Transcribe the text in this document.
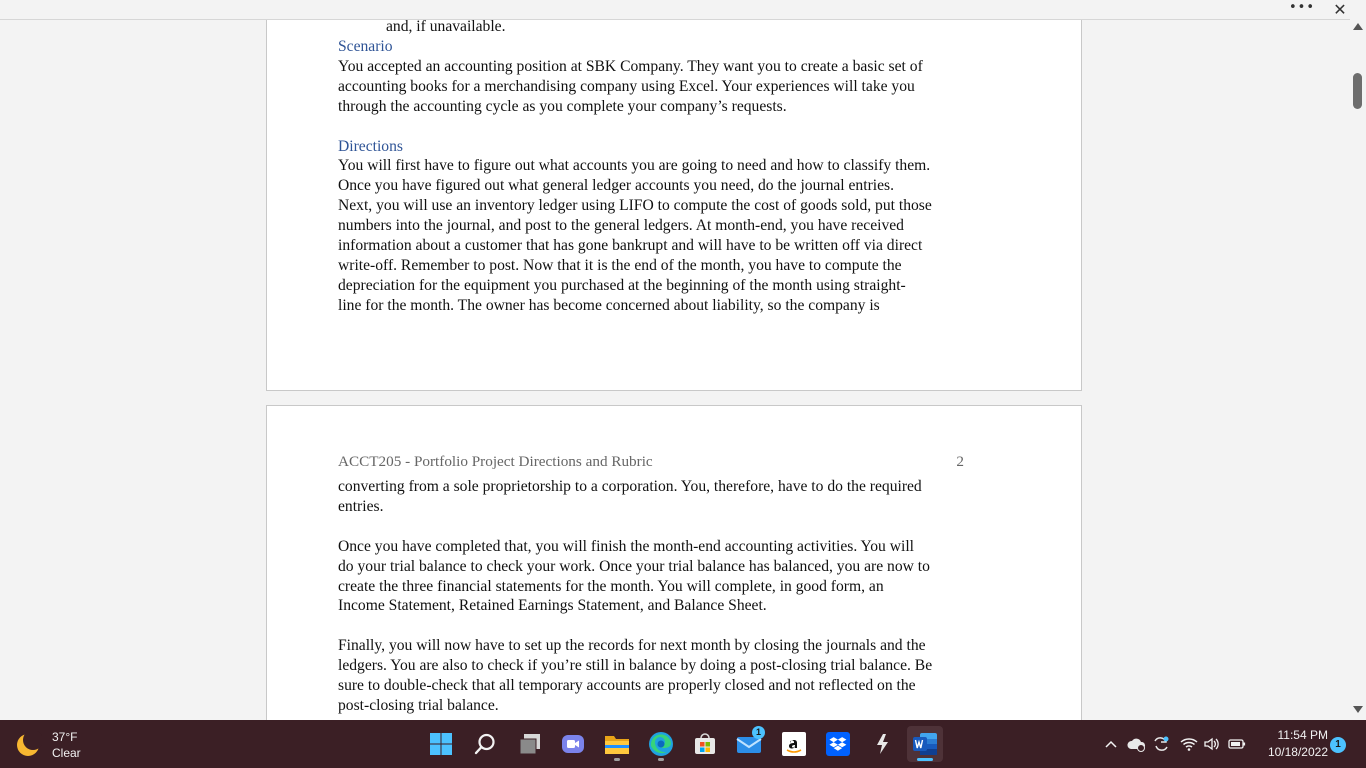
••• ✕
and, if unavailable.
Scenario
You accepted an accounting position at SBK Company. They want you to create a basic set of
accounting books for a merchandising company using Excel. Your experiences will take you
through the accounting cycle as you complete your company’s requests.
Directions
You will first have to figure out what accounts you are going to need and how to classify them.
Once you have figured out what general ledger accounts you need, do the journal entries.
Next, you will use an inventory ledger using LIFO to compute the cost of goods sold, put those
numbers into the journal, and post to the general ledgers. At month-end, you have received
information about a customer that has gone bankrupt and will have to be written off via direct
write-off. Remember to post. Now that it is the end of the month, you have to compute the
depreciation for the equipment you purchased at the beginning of the month using straight-
line for the month. The owner has become concerned about liability, so the company is
ACCT205 - Portfolio Project Directions and Rubric	2
converting from a sole proprietorship to a corporation. You, therefore, have to do the required
entries.
Once you have completed that, you will finish the month-end accounting activities. You will
do your trial balance to check your work. Once your trial balance has balanced, you are now to
create the three financial statements for the month. You will complete, in good form, an
Income Statement, Retained Earnings Statement, and Balance Sheet.
Finally, you will now have to set up the records for next month by closing the journals and the
ledgers. You are also to check if you’re still in balance by doing a post-closing trial balance. Be
sure to double-check that all temporary accounts are properly closed and not reflected on the
post-closing trial balance.
37°F
Clear
1	11:54 PM
10/18/2022
1
